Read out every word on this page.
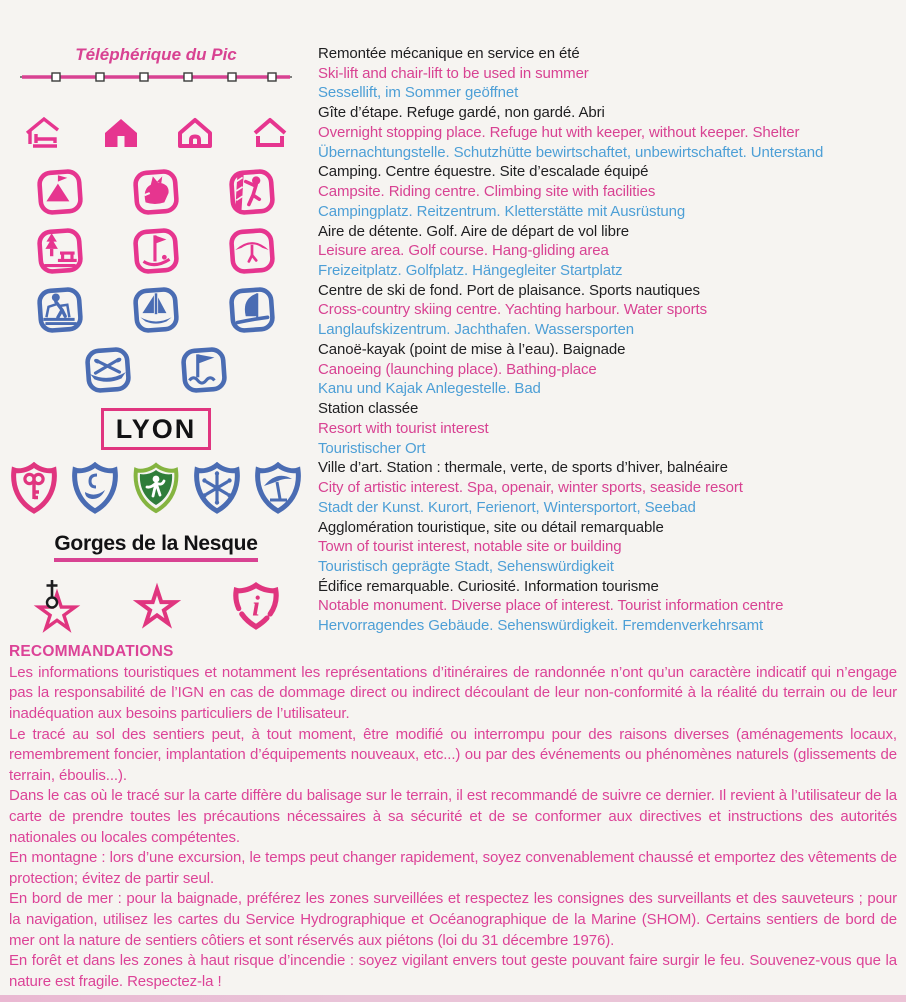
Téléphérique du Pic	Remontée mécanique en service en été
Ski-lift and chair-lift to be used in summer
Sessellift, im Sommer geöffnet
Gîte d’étape. Refuge gardé, non gardé. Abri
Overnight stopping place. Refuge hut with keeper, without keeper. Shelter
Übernachtungstelle. Schutzhütte bewirtschaftet, unbewirtschaftet. Unterstand
Camping. Centre équestre. Site d’escalade équipé
Campsite. Riding centre. Climbing site with facilities
Campingplatz. Reitzentrum. Kletterstätte mit Ausrüstung
Aire de détente. Golf. Aire de départ de vol libre
Leisure area. Golf course. Hang-gliding area
Freizeitplatz. Golfplatz. Hängegleiter Startplatz
Centre de ski de fond. Port de plaisance. Sports nautiques
Cross-country skiing centre. Yachting harbour. Water sports
Langlaufskizentrum. Jachthafen. Wassersporten
Canoë-kayak (point de mise à l’eau). Baignade
Canoeing (launching place). Bathing-place
Kanu und Kajak Anlegestelle. Bad
LYON
Station classée
Resort with tourist interest
Touristischer Ort
Ville d’art. Station : thermale, verte, de sports d’hiver, balnéaire
City of artistic interest. Spa, openair, winter sports, seaside resort
Stadt der Kunst. Kurort, Ferienort, Wintersportort, Seebad
Gorges de la Nesque
Agglomération touristique, site ou détail remarquable
Town of tourist interest, notable site or building
Touristisch geprägte Stadt, Sehenswürdigkeit
i
Édifice remarquable. Curiosité. Information tourisme
Notable monument. Diverse place of interest. Tourist information centre
Hervorragendes Gebäude. Sehenswürdigkeit. Fremdenverkehrsamt
RECOMMANDATIONS

Les informations touristiques et notamment les représentations d’itinéraires de randonnée n’ont qu’un caractère indicatif qui n’engage pas la responsabilité de l’IGN en cas de dommage direct ou indirect découlant de leur non-conformité à la réalité du terrain ou de leur inadéquation aux besoins particuliers de l’utilisateur.

Le tracé au sol des sentiers peut, à tout moment, être modifié ou interrompu pour des raisons diverses (aménagements locaux, remembrement foncier, implantation d’équipements nouveaux, etc...) ou par des événements ou phénomènes naturels (glissements de terrain, éboulis...).

Dans le cas où le tracé sur la carte diffère du balisage sur le terrain, il est recommandé de suivre ce dernier. Il revient à l’utilisateur de la carte de prendre toutes les précautions nécessaires à sa sécurité et de se conformer aux directives et instructions des autorités nationales ou locales compétentes.

En montagne : lors d’une excursion, le temps peut changer rapidement, soyez convenablement chaussé et emportez des vêtements de protection; évitez de partir seul.

En bord de mer : pour la baignade, préférez les zones surveillées et respectez les consignes des surveillants et des sauveteurs ; pour la navigation, utilisez les cartes du Service Hydrographique et Océanographique de la Marine (SHOM). Certains sentiers de bord de mer ont la nature de sentiers côtiers et sont réservés aux piétons (loi du 31 décembre 1976).

En forêt et dans les zones à haut risque d’incendie : soyez vigilant envers tout geste pouvant faire surgir le feu. Souvenez-vous que la nature est fragile. Respectez-la !
